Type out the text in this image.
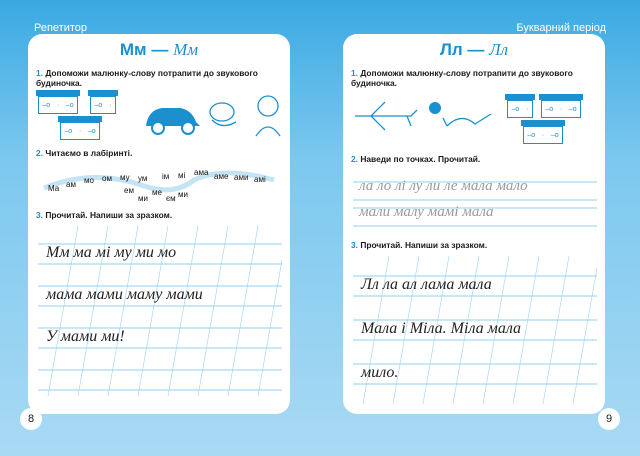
Репетитор	Букварний період
Мм — Мм
1. Допоможи малюнку-слову потрапити до звукового будиночка.
–о · –о	–о ·
–о · –о
2. Читаємо в лабіринті.
Ма ам мо ом му ум
ме
єм
ми
ім мі ама аме ами амі
ем	ми
3. Прочитай. Напиши за зразком.
Мм ма мі му ми мо
мама мами маму мами
У мами ми!
Лл — Лл
1. Допоможи малюнку-слову потрапити до звукового будиночка.
–о · –о · –о
–о · –о
2. Наведи по точках. Прочитай.
ла ло лі лу ли ле мала мало
мали малу мамі мала
3. Прочитай. Напиши за зразком.
Лл ла ал лама мала
Мала і Міла. Міла мала
мило.
8	9
